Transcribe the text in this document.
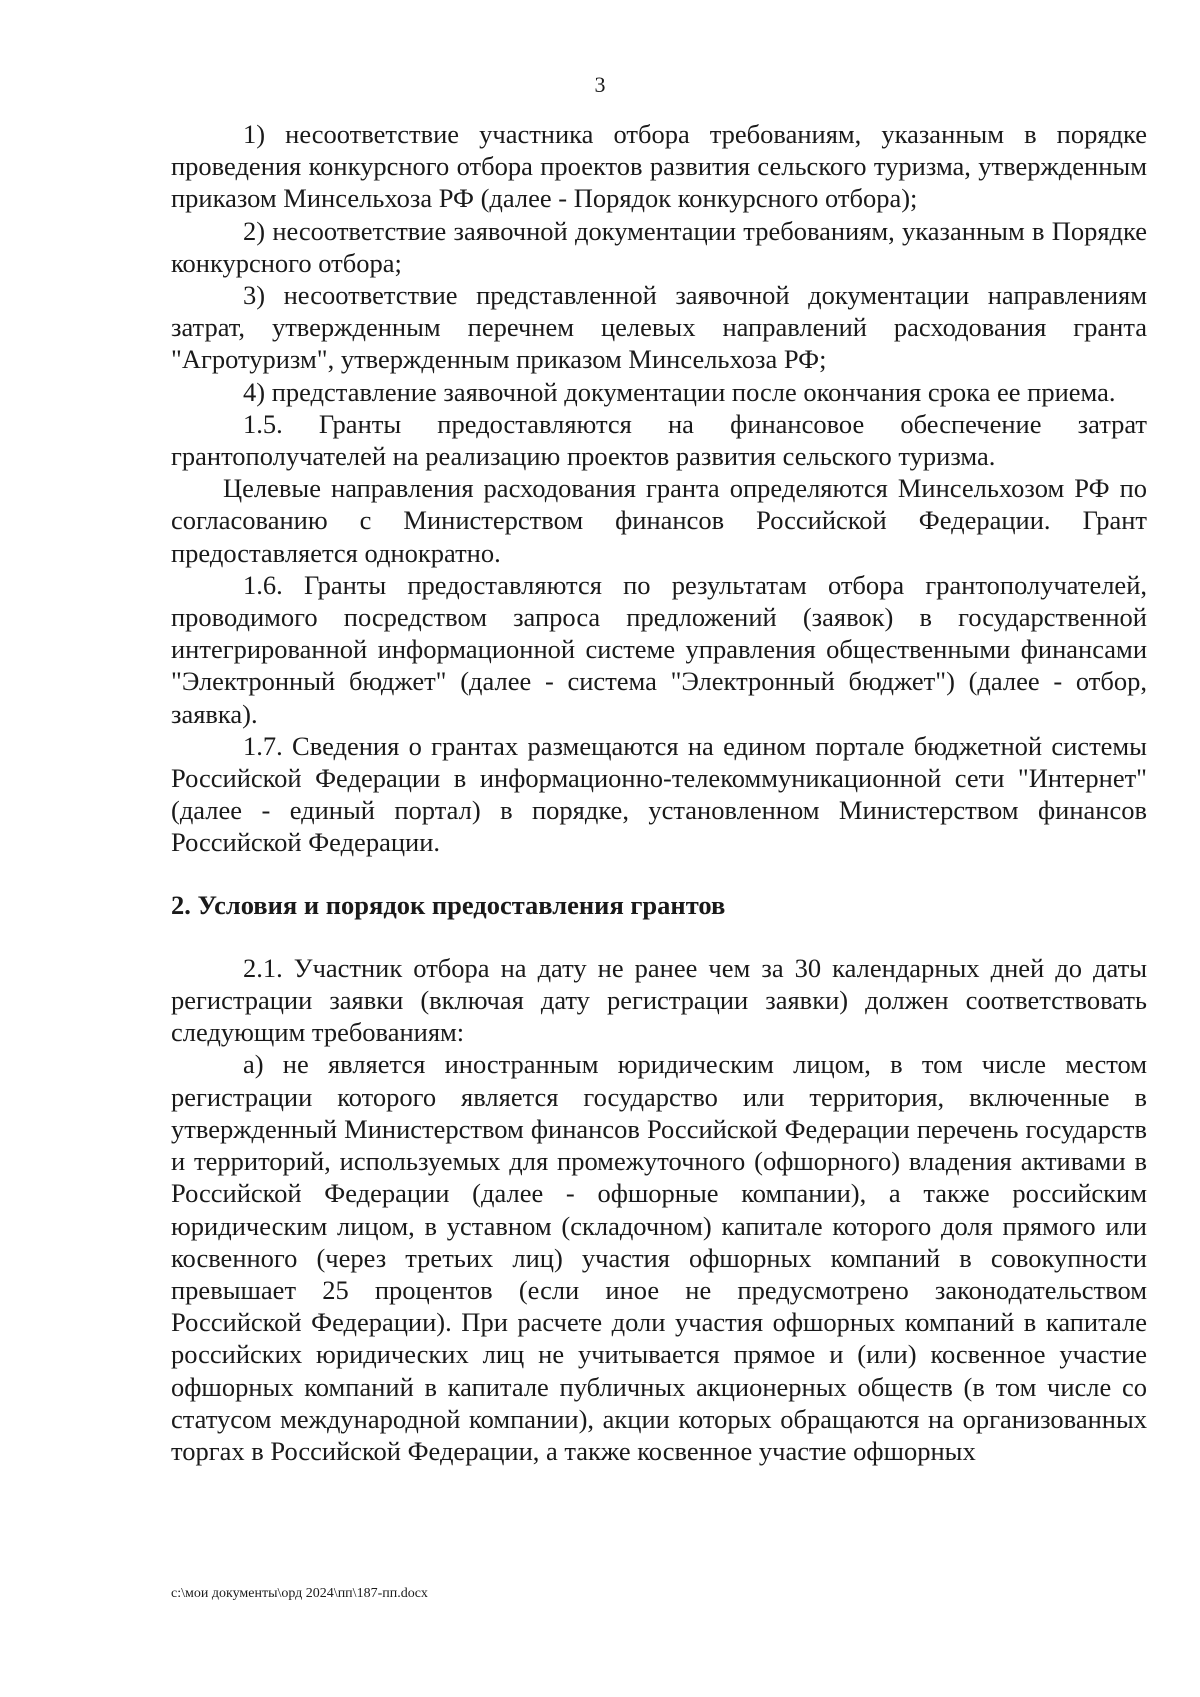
3

1) несоответствие участника отбора требованиям, указанным в порядке проведения конкурсного отбора проектов развития сельского туризма, утвержденным приказом Минсельхоза РФ (далее - Порядок конкурсного отбора);

2) несоответствие заявочной документации требованиям, указанным в Порядке конкурсного отбора;

3) несоответствие представленной заявочной документации направлениям затрат, утвержденным перечнем целевых направлений расходования гранта "Агротуризм", утвержденным приказом Минсельхоза РФ;

4) представление заявочной документации после окончания срока ее приема.

1.5. Гранты предоставляются на финансовое обеспечение затрат грантополучателей на реализацию проектов развития сельского туризма.

Целевые направления расходования гранта определяются Минсельхозом РФ по согласованию с Министерством финансов Российской Федерации. Грант предоставляется однократно.

1.6. Гранты предоставляются по результатам отбора грантополучателей, проводимого посредством запроса предложений (заявок) в государственной интегрированной информационной системе управления общественными финансами "Электронный бюджет" (далее - система "Электронный бюджет") (далее - отбор, заявка).

1.7. Сведения о грантах размещаются на едином портале бюджетной системы Российской Федерации в информационно-телекоммуникационной сети "Интернет" (далее - единый портал) в порядке, установленном Министерством финансов Российской Федерации.

2. Условия и порядок предоставления грантов

2.1. Участник отбора на дату не ранее чем за 30 календарных дней до даты регистрации заявки (включая дату регистрации заявки) должен соответствовать следующим требованиям:

а) не является иностранным юридическим лицом, в том числе местом регистрации которого является государство или территория, включенные в утвержденный Министерством финансов Российской Федерации перечень государств и территорий, используемых для промежуточного (офшорного) владения активами в Российской Федерации (далее - офшорные компании), а также российским юридическим лицом, в уставном (складочном) капитале которого доля прямого или косвенного (через третьих лиц) участия офшорных компаний в совокупности превышает 25 процентов (если иное не предусмотрено законодательством Российской Федерации). При расчете доли участия офшорных компаний в капитале российских юридических лиц не учитывается прямое и (или) косвенное участие офшорных компаний в капитале публичных акционерных обществ (в том числе со статусом международной компании), акции которых обращаются на организованных торгах в Российской Федерации, а также косвенное участие офшорных

c:\мои документы\орд 2024\пп\187-пп.docx
